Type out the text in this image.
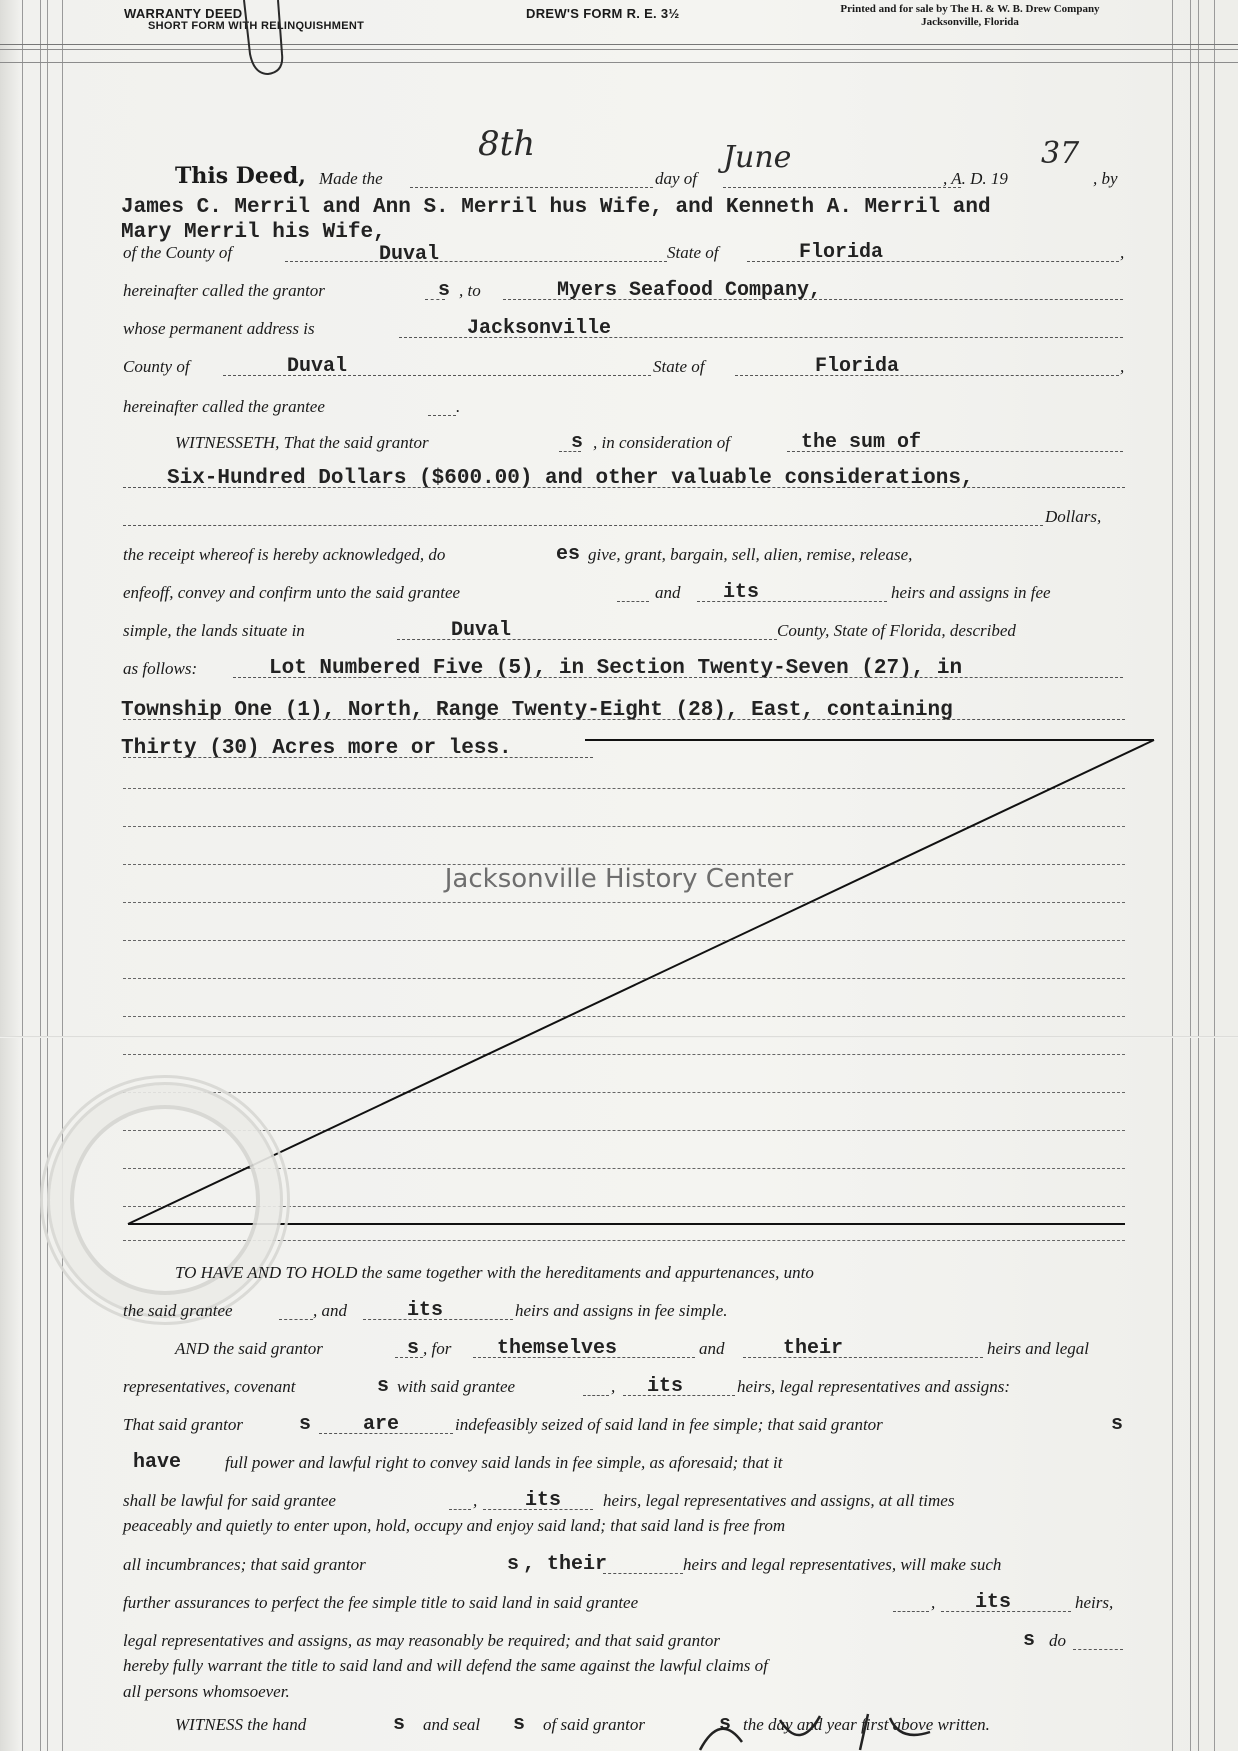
WARRANTY DEED
SHORT FORM WITH RELINQUISHMENT
DREW'S FORM R. E. 3½	Printed and for sale by The H. & W. B. Drew Company
Jacksonville, Florida
This Deed, Made the
8th
day of
June
, A. D. 19
37
, by
James C. Merril and Ann S. Merril hus Wife, and Kenneth A. Merril and
Mary Merril his Wife,
of the County of	Duval	State of	Florida	,
hereinafter called the grantor	s , to	Myers Seafood Company,
whose permanent address is	Jacksonville
County of	Duval	State of	Florida	,
hereinafter called the grantee	.
WITNESSETH, That the said grantor	s , in consideration of	the sum of
Six-Hundred Dollars ($600.00) and other valuable considerations,
Dollars,
the receipt whereof is hereby acknowledged, do	es give, grant, bargain, sell, alien, remise, release,
enfeoff, convey and confirm unto the said grantee	and its	heirs and assigns in fee
simple, the lands situate in	Duval	County, State of Florida, described
as follows:	Lot Numbered Five (5), in Section Twenty-Seven (27), in
Township One (1), North, Range Twenty-Eight (28), East, containing
Thirty (30) Acres more or less.
Jacksonville History Center
TO HAVE AND TO HOLD the same together with the hereditaments and appurtenances, unto
the said grantee	, and	its	heirs and assigns in fee simple.
AND the said grantor	s , for themselves	and	their	heirs and legal
representatives, covenant	s with said grantee	, its	heirs, legal representatives and assigns:
That said grantor	s	are	indefeasibly seized of said land in fee simple; that said grantor	s
have	full power and lawful right to convey said lands in fee simple, as aforesaid; that it
shall be lawful for said grantee	, its heirs, legal representatives and assigns, at all times
peaceably and quietly to enter upon, hold, occupy and enjoy said land; that said land is free from
all incumbrances; that said grantor	s , their	heirs and legal representatives, will make such
further assurances to perfect the fee simple title to said land in said grantee	, its	heirs,
legal representatives and assigns, as may reasonably be required; and that said grantor	s do
hereby fully warrant the title to said land and will defend the same against the lawful claims of
all persons whomsoever.
WITNESS the hand	s and seal s of said grantor	s the day and year first above written.
